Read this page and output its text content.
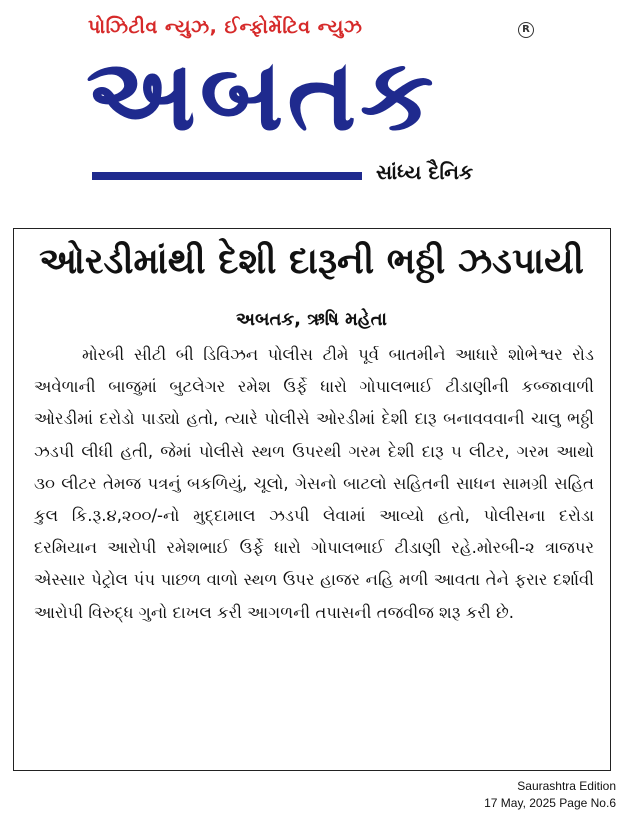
પોઝિટીવ ન્યુઝ, ઈન્ફોર્મેટિવ ન્યુઝ	R
અબતક
સાંધ્ય દૈનિક
ઓરડીમાંથી દેશી દારૂની ભઠ્ઠી ઝડપાયી
અબતક, ઋષિ મહેતા
મોરબી સીટી બી ડિવિઝન પોલીસ ટીમે પૂર્વ બાતમીને આધારે શોભેશ્વર રોડ અવેળાની બાજુમાં બુટલેગર રમેશ ઉર્ફે ધારો ગોપાલભાઈ ટીડાણીની કબ્જાવાળી ઓરડીમાં દરોડો પાડ્યો હતો, ત્યારે પોલીસે ઓરડીમાં દેશી દારૂ બનાવવવાની ચાલુ ભઠ્ઠી ઝડપી લીધી હતી, જેમાં પોલીસે સ્થળ ઉપરથી ગરમ દેશી દારૂ ૫ લીટર, ગરમ આથો ૩૦ લીટર તેમજ પત્રનું બકળિયું, ચૂલો, ગેસનો બાટલો સહિતની સાધન સામગ્રી સહિત કુલ કિ.રૂ.૪,૨૦૦/-નો મુદ્દામાલ ઝડપી લેવામાં આવ્યો હતો, પોલીસના દરોડા દરમિયાન આરોપી રમેશભાઈ ઉર્ફે ધારો ગોપાલભાઈ ટીડાણી રહે.મોરબી-૨ ત્રાજપર એસ્સાર પેટ્રોલ પંપ પાછળ વાળો સ્થળ ઉપર હાજર નહિ મળી આવતા તેને ફરાર દર્શાવી આરોપી વિરુદ્ધ ગુનો દાખલ કરી આગળની તપાસની તજવીજ શરૂ કરી છે.
Saurashtra Edition
17 May, 2025 Page No.6
